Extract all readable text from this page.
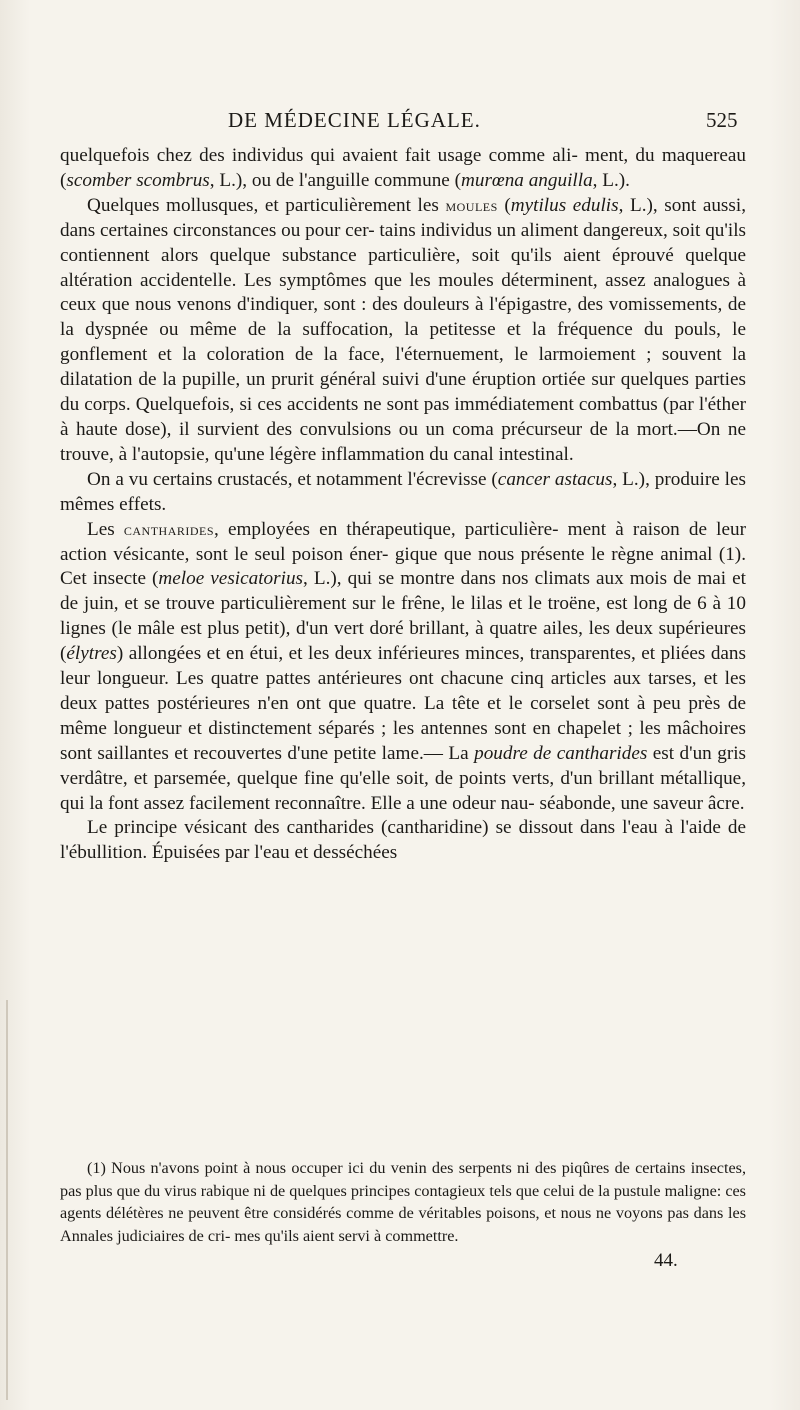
DE MÉDECINE LÉGALE.	525

quelquefois chez des individus qui avaient fait usage comme ali- ment, du maquereau (scomber scombrus, L.), ou de l'anguille commune (murœna anguilla, L.).

Quelques mollusques, et particulièrement les moules (mytilus edulis, L.), sont aussi, dans certaines circonstances ou pour cer- tains individus un aliment dangereux, soit qu'ils contiennent alors quelque substance particulière, soit qu'ils aient éprouvé quelque altération accidentelle. Les symptômes que les moules déterminent, assez analogues à ceux que nous venons d'indiquer, sont : des douleurs à l'épigastre, des vomissements, de la dyspnée ou même de la suffocation, la petitesse et la fréquence du pouls, le gonflement et la coloration de la face, l'éternuement, le larmoiement ; souvent la dilatation de la pupille, un prurit général suivi d'une éruption ortiée sur quelques parties du corps. Quelquefois, si ces accidents ne sont pas immédiatement combattus (par l'éther à haute dose), il survient des convulsions ou un coma précurseur de la mort.—On ne trouve, à l'autopsie, qu'une légère inflammation du canal intestinal.

On a vu certains crustacés, et notamment l'écrevisse (cancer astacus, L.), produire les mêmes effets.

Les cantharides, employées en thérapeutique, particulière- ment à raison de leur action vésicante, sont le seul poison éner- gique que nous présente le règne animal (1). Cet insecte (meloe vesicatorius, L.), qui se montre dans nos climats aux mois de mai et de juin, et se trouve particulièrement sur le frêne, le lilas et le troëne, est long de 6 à 10 lignes (le mâle est plus petit), d'un vert doré brillant, à quatre ailes, les deux supérieures (élytres) allongées et en étui, et les deux inférieures minces, transparentes, et pliées dans leur longueur. Les quatre pattes antérieures ont chacune cinq articles aux tarses, et les deux pattes postérieures n'en ont que quatre. La tête et le corselet sont à peu près de même longueur et distinctement séparés ; les antennes sont en chapelet ; les mâchoires sont saillantes et recouvertes d'une petite lame.— La poudre de cantharides est d'un gris verdâtre, et parsemée, quelque fine qu'elle soit, de points verts, d'un brillant métallique, qui la font assez facilement reconnaître. Elle a une odeur nau- séabonde, une saveur âcre.

Le principe vésicant des cantharides (cantharidine) se dissout dans l'eau à l'aide de l'ébullition. Épuisées par l'eau et desséchées

(1) Nous n'avons point à nous occuper ici du venin des serpents ni des piqûres de certains insectes, pas plus que du virus rabique ni de quelques principes contagieux tels que celui de la pustule maligne: ces agents délétères ne peuvent être considérés comme de véritables poisons, et nous ne voyons pas dans les Annales judiciaires de cri- mes qu'ils aient servi à commettre.

44.
